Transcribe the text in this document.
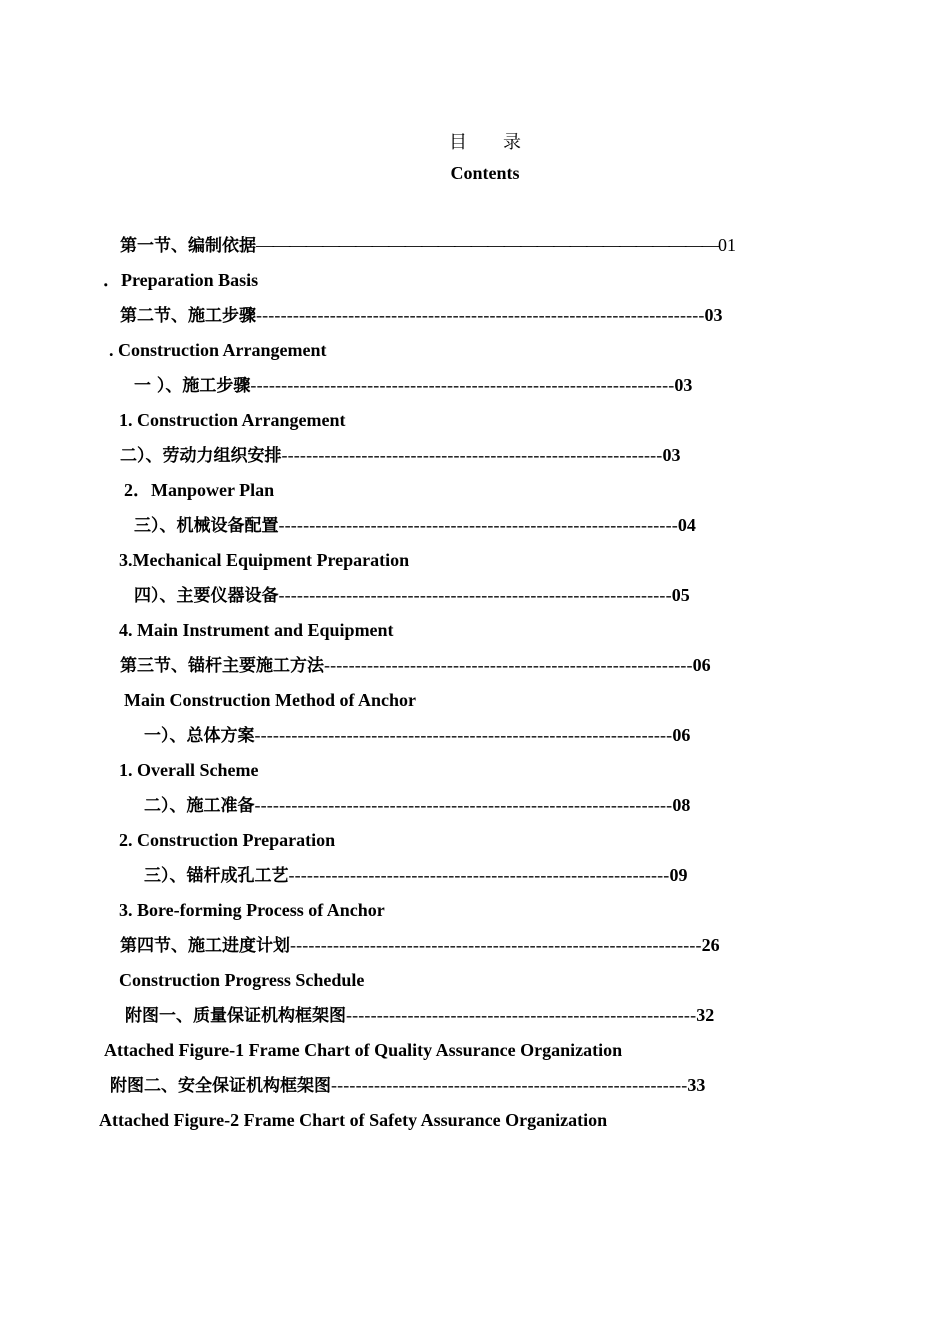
目　　录
Contents
第一节、编制依据————————————————————————————01
．Preparation Basis
第二节、施工步骤-------------------------------------------------------------------------03
. Construction Arrangement
一 ）、施工步骤---------------------------------------------------------------------03
1. Construction Arrangement
二）、劳动力组织安排--------------------------------------------------------------03
2．Manpower Plan
三）、机械设备配置-----------------------------------------------------------------04
3.Mechanical Equipment Preparation
四）、主要仪器设备----------------------------------------------------------------05
4. Main Instrument and Equipment
第三节、锚杆主要施工方法------------------------------------------------------------06
Main Construction Method of Anchor
一）、总体方案--------------------------------------------------------------------06
1. Overall Scheme
二）、施工准备--------------------------------------------------------------------08
2. Construction Preparation
三）、锚杆成孔工艺--------------------------------------------------------------09
3. Bore-forming Process of Anchor
第四节、施工进度计划-------------------------------------------------------------------26
Construction Progress Schedule
附图一、质量保证机构框架图---------------------------------------------------------32
Attached Figure-1 Frame Chart of Quality Assurance Organization
附图二、安全保证机构框架图----------------------------------------------------------33
Attached Figure-2 Frame Chart of Safety Assurance Organization
